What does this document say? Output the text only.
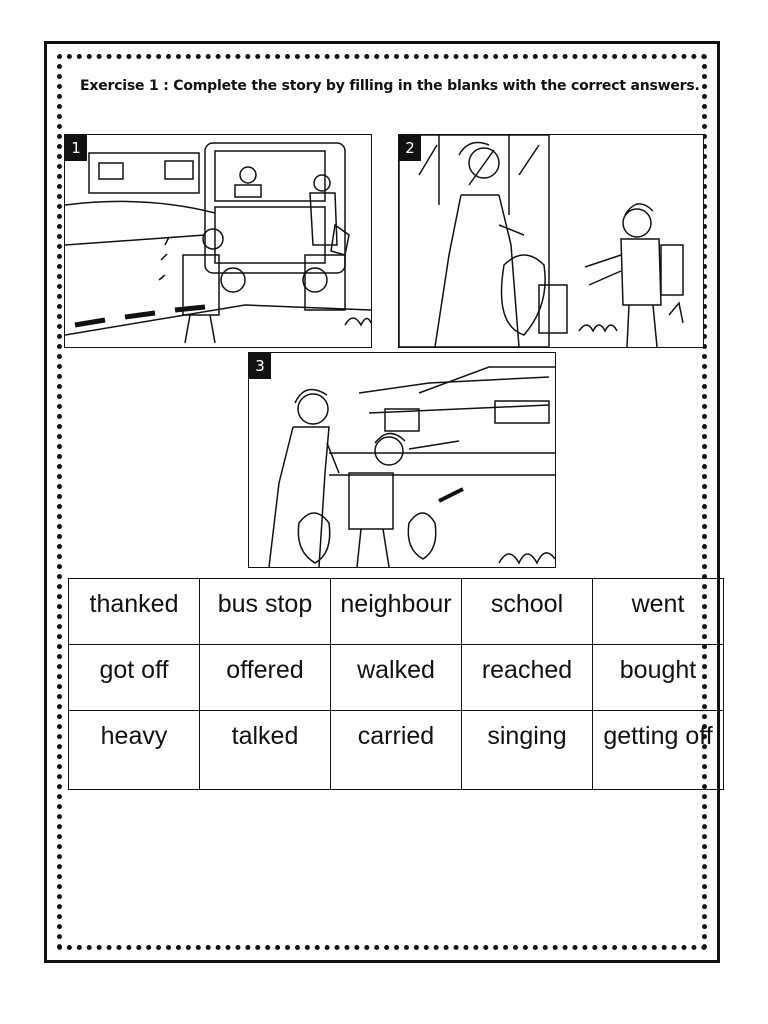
Exercise 1 : Complete the story by filling in the blanks with the correct answers.
1	2
3
thanked	bus stop	neighbour	school	went
got off	offered	walked	reached	bought
heavy	talked	carried	singing	getting off
